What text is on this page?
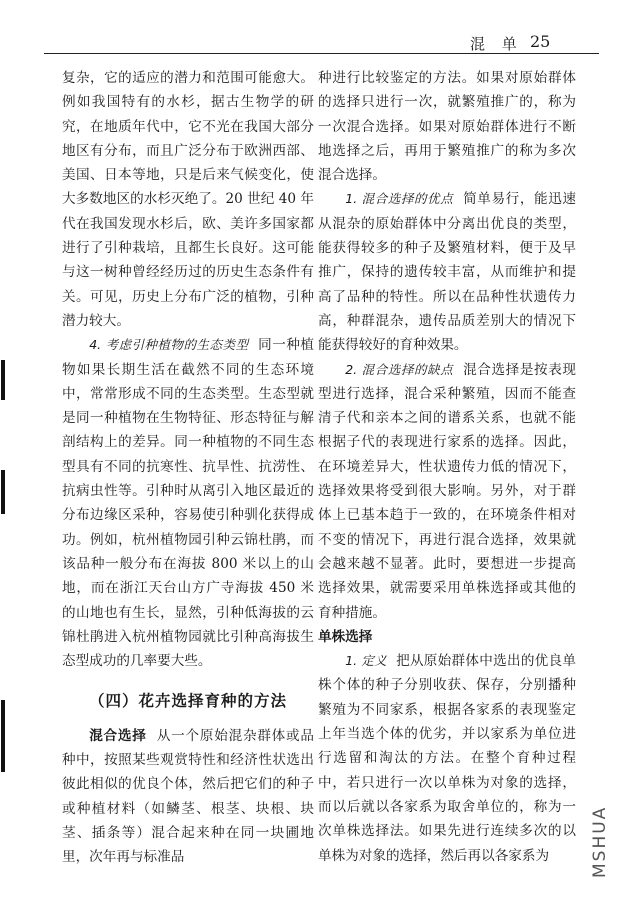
混 单 25

复杂，它的适应的潜力和范围可能愈大。例如我国特有的水杉，据古生物学的研究，在地质年代中，它不光在我国大部分地区有分布，而且广泛分布于欧洲西部、美国、日本等地，只是后来气候变化，使大多数地区的水杉灭绝了。20 世纪 40 年代在我国发现水杉后，欧、美许多国家都进行了引种栽培，且都生长良好。这可能与这一树种曾经经历过的历史生态条件有关。可见，历史上分布广泛的植物，引种潜力较大。

4. 考虑引种植物的生态类型 同一种植物如果长期生活在截然不同的生态环境中，常常形成不同的生态类型。生态型就是同一种植物在生物特征、形态特征与解剖结构上的差异。同一种植物的不同生态型具有不同的抗寒性、抗旱性、抗涝性、抗病虫性等。引种时从离引入地区最近的分布边缘区采种，容易使引种驯化获得成功。例如，杭州植物园引种云锦杜鹃，而该品种一般分布在海拔 800 米以上的山地，而在浙江天台山方广寺海拔 450 米的山地也有生长，显然，引种低海拔的云锦杜鹃进入杭州植物园就比引种高海拔生态型成功的几率要大些。

（四）花卉选择育种的方法

混合选择 从一个原始混杂群体或品种中，按照某些观赏特性和经济性状选出彼此相似的优良个体，然后把它们的种子或种植材料（如鳞茎、根茎、块根、块茎、插条等）混合起来种在同一块圃地里，次年再与标准品

种进行比较鉴定的方法。如果对原始群体的选择只进行一次，就繁殖推广的，称为一次混合选择。如果对原始群体进行不断地选择之后，再用于繁殖推广的称为多次混合选择。

1. 混合选择的优点 简单易行，能迅速从混杂的原始群体中分离出优良的类型，能获得较多的种子及繁殖材料，便于及早推广，保持的遗传较丰富，从而维护和提高了品种的特性。所以在品种性状遗传力高，种群混杂，遗传品质差别大的情况下能获得较好的育种效果。

2. 混合选择的缺点 混合选择是按表现型进行选择，混合采种繁殖，因而不能查清子代和亲本之间的谱系关系，也就不能根据子代的表现进行家系的选择。因此，在环境差异大，性状遗传力低的情况下，选择效果将受到很大影响。另外，对于群体上已基本趋于一致的，在环境条件相对不变的情况下，再进行混合选择，效果就会越来越不显著。此时，要想进一步提高选择效果，就需要采用单株选择或其他的育种措施。

单株选择

1. 定义 把从原始群体中选出的优良单株个体的种子分别收获、保存，分别播种繁殖为不同家系，根据各家系的表现鉴定上年当选个体的优劣，并以家系为单位进行选留和淘汰的方法。在整个育种过程中，若只进行一次以单株为对象的选择，而以后就以各家系为取舍单位的，称为一次单株选择法。如果先进行连续多次的以单株为对象的选择，然后再以各家系为	MSHUA
